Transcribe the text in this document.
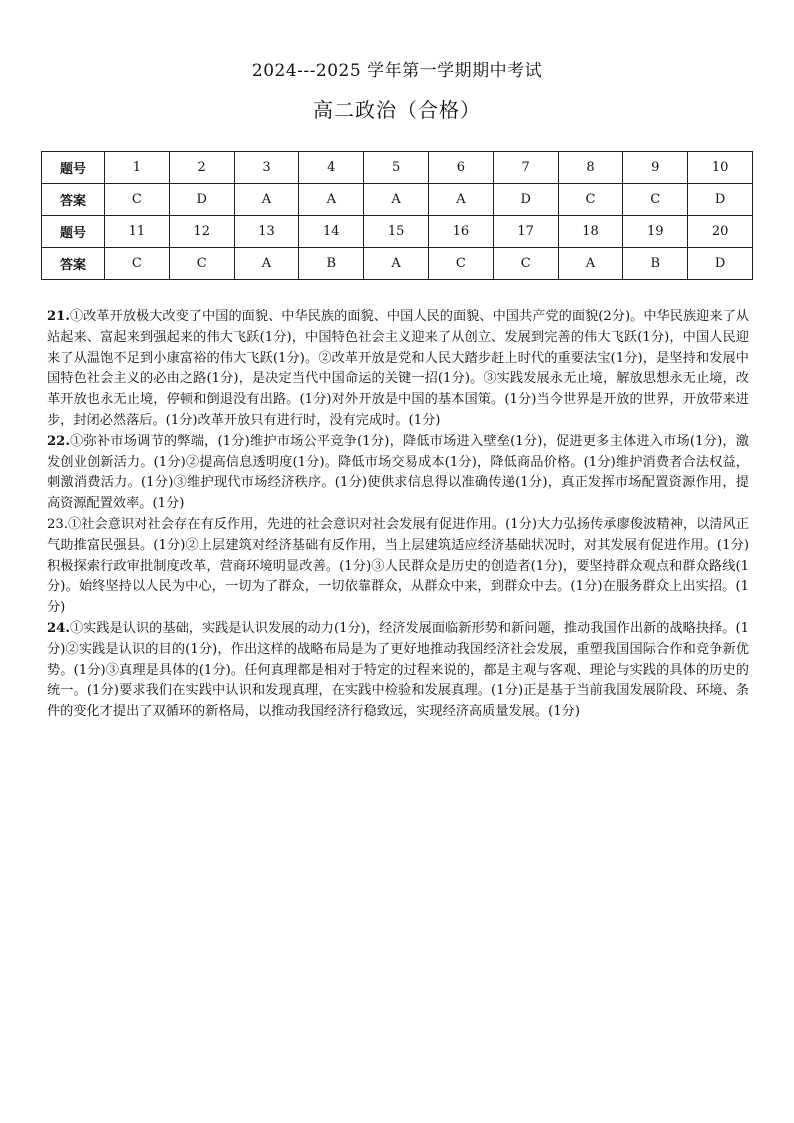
2024---2025 学年第一学期期中考试
高二政治（合格）
题号	1	2	3	4	5	6	7	8	9	10
答案	C	D	A	A	A	A	D	C	C	D
题号	11	12	13	14	15	16	17	18	19	20
答案	C	C	A	B	A	C	C	A	B	D

21.①改革开放极大改变了中国的面貌、中华民族的面貌、中国人民的面貌、中国共产党的面貌(2分)。中华民族迎来了从站起来、富起来到强起来的伟大飞跃(1分)，中国特色社会主义迎来了从创立、发展到完善的伟大飞跃(1分)，中国人民迎来了从温饱不足到小康富裕的伟大飞跃(1分)。②改革开放是党和人民大踏步赶上时代的重要法宝(1分)，是坚持和发展中国特色社会主义的必由之路(1分)，是决定当代中国命运的关键一招(1分)。③实践发展永无止境，解放思想永无止境，改革开放也永无止境，停顿和倒退没有出路。(1分)对外开放是中国的基本国策。(1分)当今世界是开放的世界，开放带来进步，封闭必然落后。(1分)改革开放只有进行时，没有完成时。(1分)

22.①弥补市场调节的弊端，(1分)维护市场公平竞争(1分)，降低市场进入壁垒(1分)，促进更多主体进入市场(1分)，激发创业创新活力。(1分)②提高信息透明度(1分)。降低市场交易成本(1分)，降低商品价格。(1分)维护消费者合法权益，刺激消费活力。(1分)③维护现代市场经济秩序。(1分)使供求信息得以准确传递(1分)，真正发挥市场配置资源作用，提高资源配置效率。(1分)

23.①社会意识对社会存在有反作用，先进的社会意识对社会发展有促进作用。(1分)大力弘扬传承廖俊波精神，以清风正气助推富民强县。(1分)②上层建筑对经济基础有反作用，当上层建筑适应经济基础状况时，对其发展有促进作用。(1分)积极探索行政审批制度改革，营商环境明显改善。(1分)③人民群众是历史的创造者(1分)，要坚持群众观点和群众路线(1分)。始终坚持以人民为中心，一切为了群众，一切依靠群众，从群众中来，到群众中去。(1分)在服务群众上出实招。(1分)

24.①实践是认识的基础，实践是认识发展的动力(1分)，经济发展面临新形势和新问题，推动我国作出新的战略抉择。(1分)②实践是认识的目的(1分)，作出这样的战略布局是为了更好地推动我国经济社会发展，重塑我国国际合作和竞争新优势。(1分)③真理是具体的(1分)。任何真理都是相对于特定的过程来说的，都是主观与客观、理论与实践的具体的历史的统一。(1分)要求我们在实践中认识和发现真理，在实践中检验和发展真理。(1分)正是基于当前我国发展阶段、环境、条件的变化才提出了双循环的新格局，以推动我国经济行稳致远，实现经济高质量发展。(1分)
